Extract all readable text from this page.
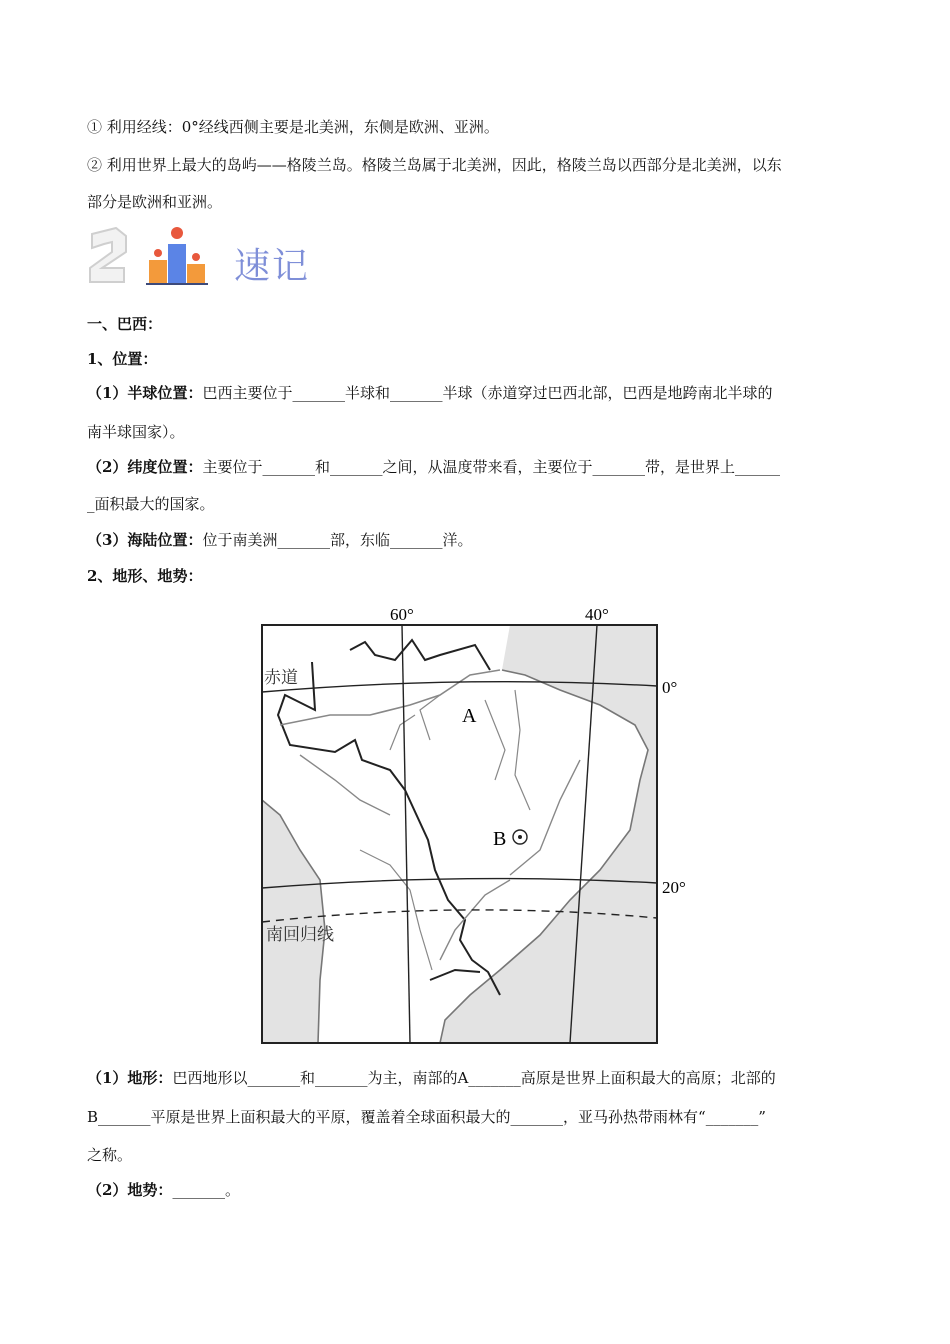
① 利用经线：0°经线西侧主要是北美洲，东侧是欧洲、亚洲。
② 利用世界上最大的岛屿——格陵兰岛。格陵兰岛属于北美洲，因此，格陵兰岛以西部分是北美洲，以东
部分是欧洲和亚洲。
速记
一、巴西：
1、位置：
（1）半球位置：巴西主要位于_______半球和_______半球（赤道穿过巴西北部，巴西是地跨南北半球的
南半球国家）。
（2）纬度位置：主要位于_______和_______之间，从温度带来看，主要位于_______带，是世界上______
_面积最大的国家。
（3）海陆位置：位于南美洲_______部，东临_______洋。
2、地形、地势：
60°	40°
0°
20°
赤道
南回归线
A
B
（1）地形：巴西地形以_______和_______为主，南部的A_______高原是世界上面积最大的高原；北部的
B_______平原是世界上面积最大的平原，覆盖着全球面积最大的_______，亚马孙热带雨林有“_______”
之称。
（2）地势：_______。
